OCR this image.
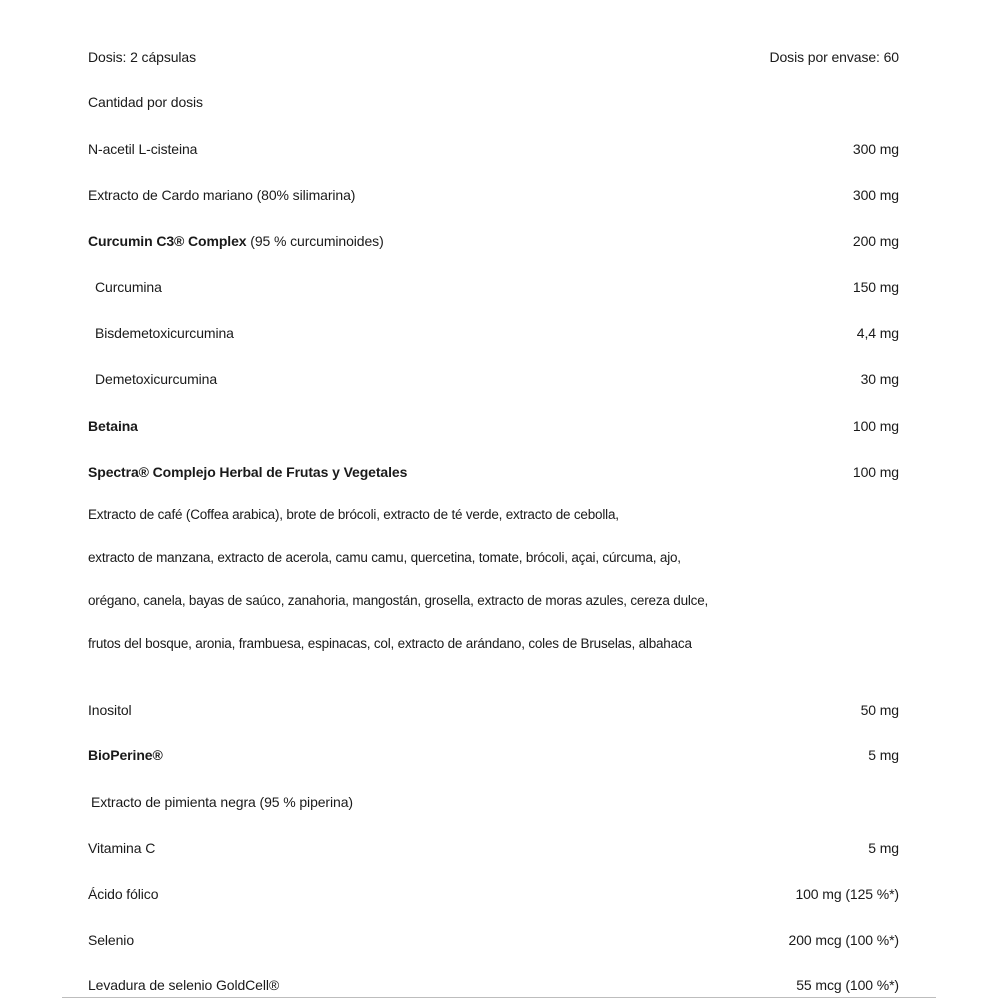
Dosis: 2 cápsulas	Dosis por envase: 60
Cantidad por dosis
N-acetil L-cisteina	300 mg
Extracto de Cardo mariano (80% silimarina)	300 mg
Curcumin C3® Complex (95 % curcuminoides)	200 mg
Curcumina	150 mg
Bisdemetoxicurcumina	4,4 mg
Demetoxicurcumina	30 mg
Betaina	100 mg
Spectra® Complejo Herbal de Frutas y Vegetales	100 mg
Extracto de café (Coffea arabica), brote de brócoli, extracto de té verde, extracto de cebolla,
extracto de manzana, extracto de acerola, camu camu, quercetina, tomate, brócoli, açai, cúrcuma, ajo,
orégano, canela, bayas de saúco, zanahoria, mangostán, grosella, extracto de moras azules, cereza dulce,
frutos del bosque, aronia, frambuesa, espinacas, col, extracto de arándano, coles de Bruselas, albahaca
Inositol	50 mg
BioPerine®	5 mg
Extracto de pimienta negra (95 % piperina)
Vitamina C	5 mg
Ácido fólico	100 mg (125 %*)
Selenio	200 mcg (100 %*)
Levadura de selenio GoldCell®	55 mcg (100 %*)
